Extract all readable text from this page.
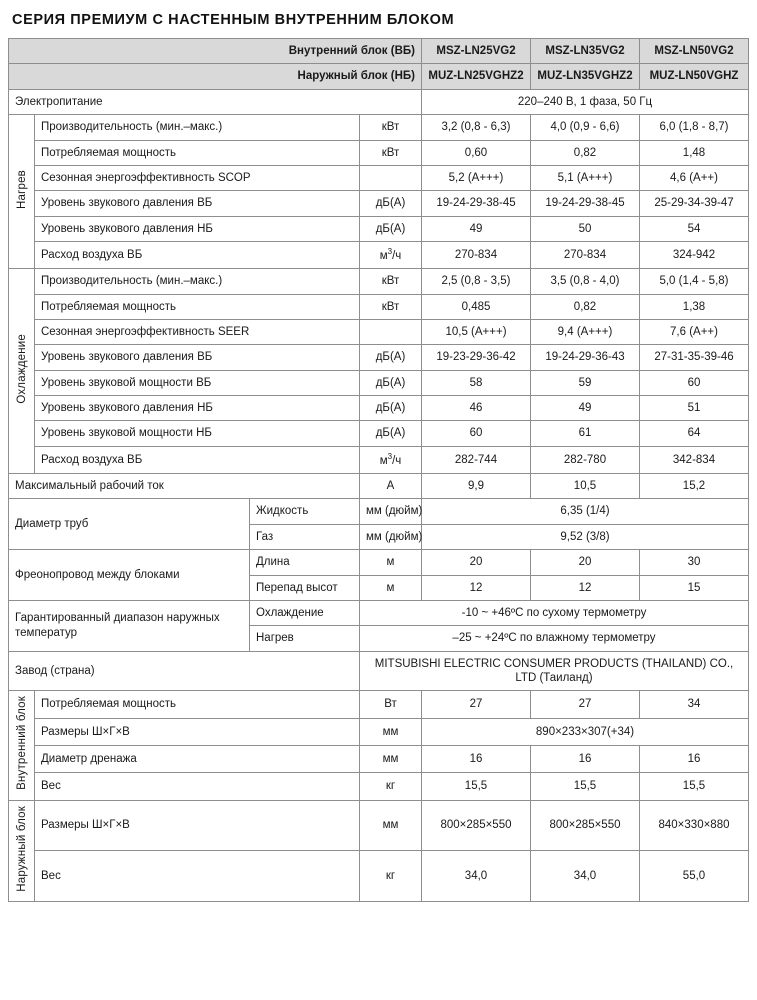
СЕРИЯ ПРЕМИУМ С НАСТЕННЫМ ВНУТРЕННИМ БЛОКОМ
Внутренний блок (ВБ)				MSZ-LN25VG2	MSZ-LN35VG2	MSZ-LN50VG2
Наружный блок (НБ)				MUZ-LN25VGHZ2	MUZ-LN35VGHZ2	MUZ-LN50VGHZ
Электропитание				220–240 В, 1 фаза, 50 Гц		
Нагрев	Производительность (мин.–макс.)		кВт	3,2 (0,8 - 6,3)	4,0 (0,9 - 6,6)	6,0 (1,8 - 8,7)
	Потребляемая мощность		кВт	0,60	0,82	1,48
	Сезонная энергоэффективность SCOP			5,2 (A+++)	5,1 (A+++)	4,6 (A++)
	Уровень звукового давления ВБ		дБ(А)	19-24-29-38-45	19-24-29-38-45	25-29-34-39-47
	Уровень звукового давления НБ		дБ(А)	49	50	54
	Расход воздуха ВБ		$м^3/ч$	270-834	270-834	324-942
Охлаждение	Производительность (мин.–макс.)		кВт	2,5 (0,8 - 3,5)	3,5 (0,8 - 4,0)	5,0 (1,4 - 5,8)
	Потребляемая мощность		кВт	0,485	0,82	1,38
	Сезонная энергоэффективность SEER			10,5 (A+++)	9,4 (A+++)	7,6 (A++)
	Уровень звукового давления ВБ		дБ(А)	19-23-29-36-42	19-24-29-36-43	27-31-35-39-46
	Уровень звуковой мощности ВБ		дБ(А)	58	59	60
	Уровень звукового давления НБ		дБ(А)	46	49	51
	Уровень звуковой мощности НБ		дБ(А)	60	61	64
	Расход воздуха ВБ		$м^3/ч$	282-744	282-780	342-834
Максимальный рабочий ток			А	9,9	10,5	15,2
Диаметр труб		Жидкость	мм (дюйм)	6,35 (1/4)		
		Газ	мм (дюйм)	9,52 (3/8)		
Фреонопровод между блоками		Длина	м	20	20	30
		Перепад высот	м	12	12	15
Гарантированный диапазон наружных температур		Охлаждение	-10 ~ +46ºC по сухому термометру			
		Нагрев	–25 ~ +24ºC по влажному термометру			
Завод (страна)			MITSUBISHI ELECTRIC CONSUMER PRODUCTS (THAILAND) CO., LTD (Таиланд)			
Внутренний блок	Потребляемая мощность		Вт	27	27	34
	Размеры Ш×Г×В		мм	890×233×307(+34)		
	Диаметр дренажа		мм	16	16	16
	Вес		кг	15,5	15,5	15,5
Наружный блок	Размеры Ш×Г×В		мм	800×285×550	800×285×550	840×330×880
	Вес		кг	34,0	34,0	55,0
